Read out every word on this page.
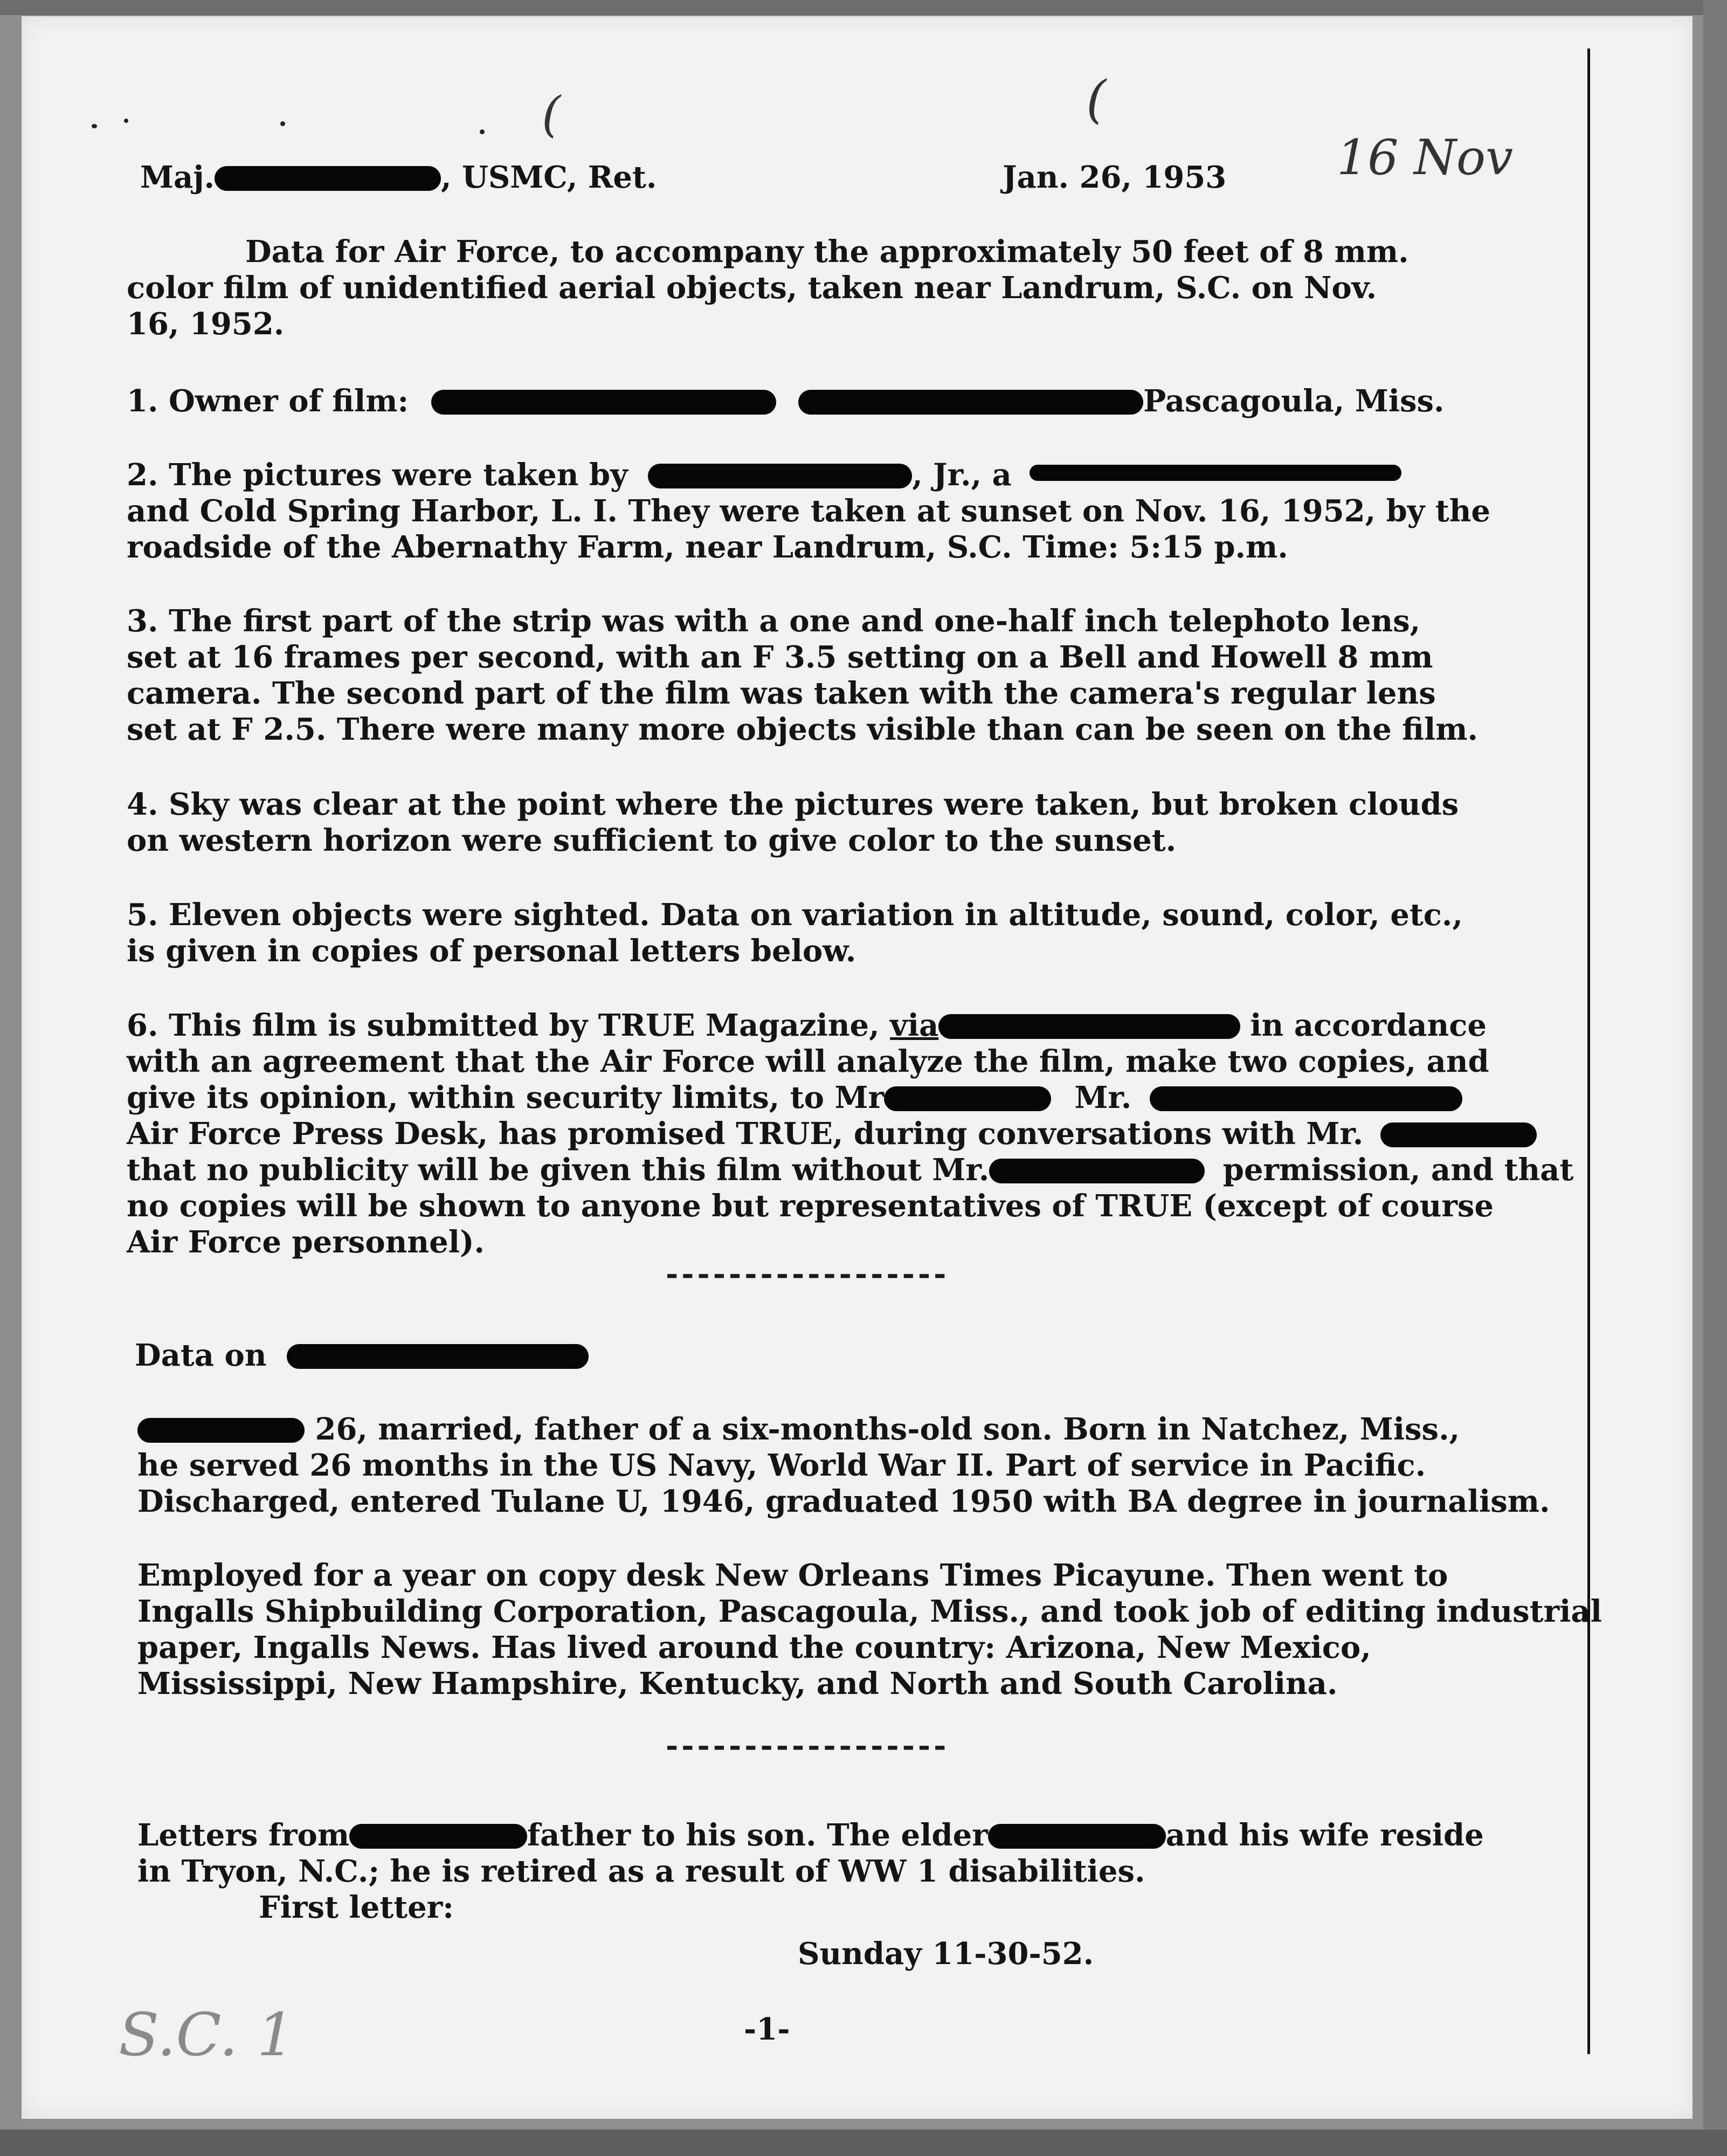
(	(
Maj.	, USMC, Ret.	Jan. 26, 1953 16 Nov
Data for Air Force, to accompany the approximately 50 feet of 8 mm.
color film of unidentified aerial objects, taken near Landrum, S.C. on Nov.
16, 1952.
1. Owner of film:	Pascagoula, Miss.
2. The pictures were taken by	, Jr., a
and Cold Spring Harbor, L. I. They were taken at sunset on Nov. 16, 1952, by the
roadside of the Abernathy Farm, near Landrum, S.C. Time: 5:15 p.m.
3. The first part of the strip was with a one and one-half inch telephoto lens,
set at 16 frames per second, with an F 3.5 setting on a Bell and Howell 8 mm
camera. The second part of the film was taken with the camera's regular lens
set at F 2.5. There were many more objects visible than can be seen on the film.
4. Sky was clear at the point where the pictures were taken, but broken clouds
on western horizon were sufficient to give color to the sunset.
5. Eleven objects were sighted. Data on variation in altitude, sound, color, etc.,
is given in copies of personal letters below.
6. This film is submitted by TRUE Magazine, via	in accordance
with an agreement that the Air Force will analyze the film, make two copies, and
give its opinion, within security limits, to Mr	Mr.
Air Force Press Desk, has promised TRUE, during conversations with Mr.
that no publicity will be given this film without Mr.	permission, and that
no copies will be shown to anyone but representatives of TRUE (except of course
Air Force personnel).
------------------
Data on
26, married, father of a six-months-old son. Born in Natchez, Miss.,
he served 26 months in the US Navy, World War II. Part of service in Pacific.
Discharged, entered Tulane U, 1946, graduated 1950 with BA degree in journalism.
Employed for a year on copy desk New Orleans Times Picayune. Then went to
Ingalls Shipbuilding Corporation, Pascagoula, Miss., and took job of editing industrial
paper, Ingalls News. Has lived around the country: Arizona, New Mexico,
Mississippi, New Hampshire, Kentucky, and North and South Carolina.
------------------
Letters from	father to his son. The elder	and his wife reside
in Tryon, N.C.; he is retired as a result of WW 1 disabilities.
First letter:
Sunday 11-30-52.
-1-
S.C. 1
